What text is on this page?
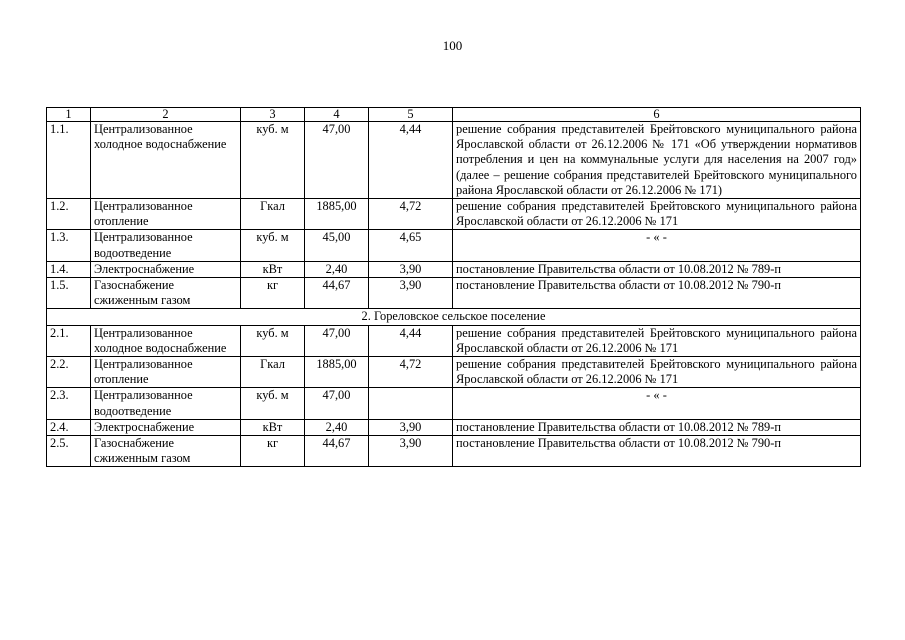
100
1	2	3	4	5	6
1.1.	Централизованное холодное водоснабжение	куб. м	47,00	4,44	решение собрания представителей Брейтовского муниципального района Ярославской области от 26.12.2006 № 171 «Об утверждении нормативов потребления и цен на коммунальные услуги для населения на 2007 год» (далее – решение собрания представителей Брейтовского муниципального района Ярославской области от 26.12.2006 № 171)
1.2.	Централизованное отопление	Гкал	1885,00	4,72	решение собрания представителей Брейтовского муниципального района Ярославской области от 26.12.2006 № 171
1.3.	Централизованное водоотведение	куб. м	45,00	4,65	- « -
1.4.	Электроснабжение	кВт	2,40	3,90	постановление Правительства области от 10.08.2012 № 789-п
1.5.	Газоснабжение сжиженным газом	кг	44,67	3,90	постановление Правительства области от 10.08.2012 № 790-п
2. Гореловское сельское поселение					
2.1.	Централизованное холодное водоснабжение	куб. м	47,00	4,44	решение собрания представителей Брейтовского муниципального района Ярославской области от 26.12.2006 № 171
2.2.	Централизованное отопление	Гкал	1885,00	4,72	решение собрания представителей Брейтовского муниципального района Ярославской области от 26.12.2006 № 171
2.3.	Централизованное водоотведение	куб. м	47,00		- « -
2.4.	Электроснабжение	кВт	2,40	3,90	постановление Правительства области от 10.08.2012 № 789-п
2.5.	Газоснабжение сжиженным газом	кг	44,67	3,90	постановление Правительства области от 10.08.2012 № 790-п
